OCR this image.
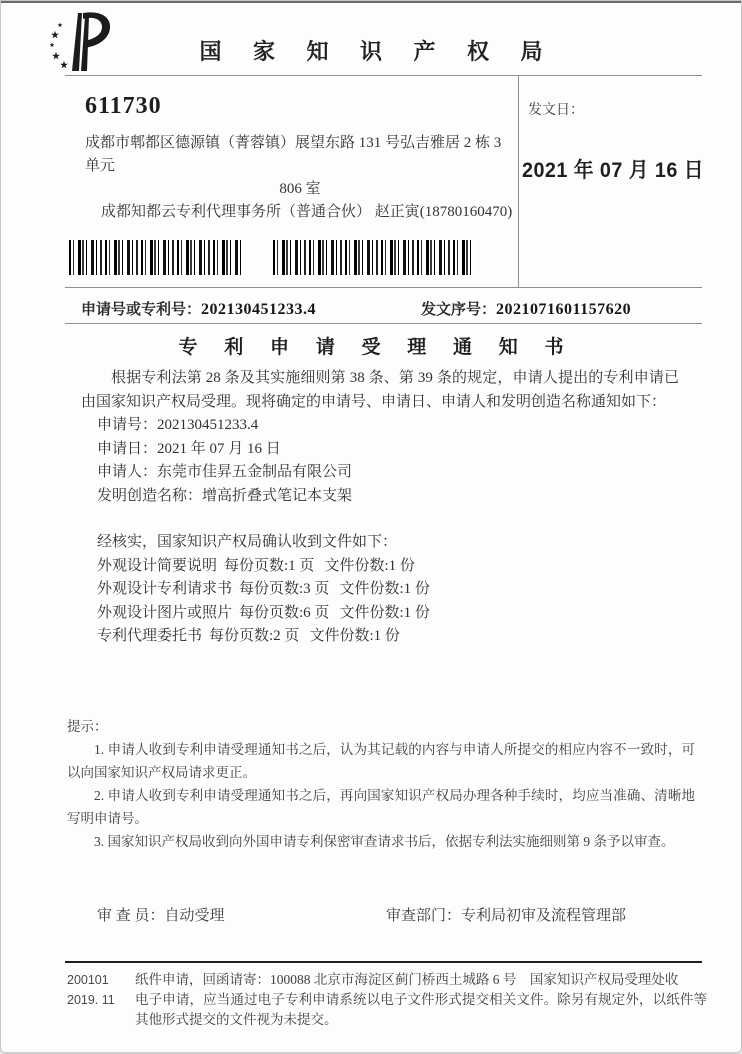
国 家 知 识 产 权 局
611730
成都市郫都区德源镇（菁蓉镇）展望东路 131 号弘吉雅居 2 栋 3 单元
806 室
成都知都云专利代理事务所（普通合伙） 赵正寅(18780160470)
发文日：
2021 年 07 月 16 日
申请号或专利号：202130451233.4	发文序号：2021071601157620
专 利 申 请 受 理 通 知 书

根据专利法第 28 条及其实施细则第 38 条、第 39 条的规定，申请人提出的专利申请已由国家知识产权局受理。现将确定的申请号、申请日、申请人和发明创造名称通知如下：

申请号：202130451233.4
申请日：2021 年 07 月 16 日
申请人：东莞市佳昇五金制品有限公司
发明创造名称：增高折叠式笔记本支架
经核实，国家知识产权局确认收到文件如下：
外观设计简要说明 每份页数:1 页 文件份数:1 份
外观设计专利请求书 每份页数:3 页 文件份数:1 份
外观设计图片或照片 每份页数:6 页 文件份数:1 份
专利代理委托书 每份页数:2 页 文件份数:1 份
提示：

1. 申请人收到专利申请受理通知书之后，认为其记载的内容与申请人所提交的相应内容不一致时，可以向国家知识产权局请求更正。

2. 申请人收到专利申请受理通知书之后，再向国家知识产权局办理各种手续时，均应当准确、清晰地写明申请号。

3. 国家知识产权局收到向外国申请专利保密审查请求书后，依据专利法实施细则第 9 条予以审查。

审 查 员：自动受理	审查部门：专利局初审及流程管理部
200101	纸件申请，回函请寄：100088 北京市海淀区蓟门桥西土城路 6 号　国家知识产权局受理处收
2019. 11	电子申请，应当通过电子专利申请系统以电子文件形式提交相关文件。除另有规定外，以纸件等其他形式提交的文件视为未提交。
